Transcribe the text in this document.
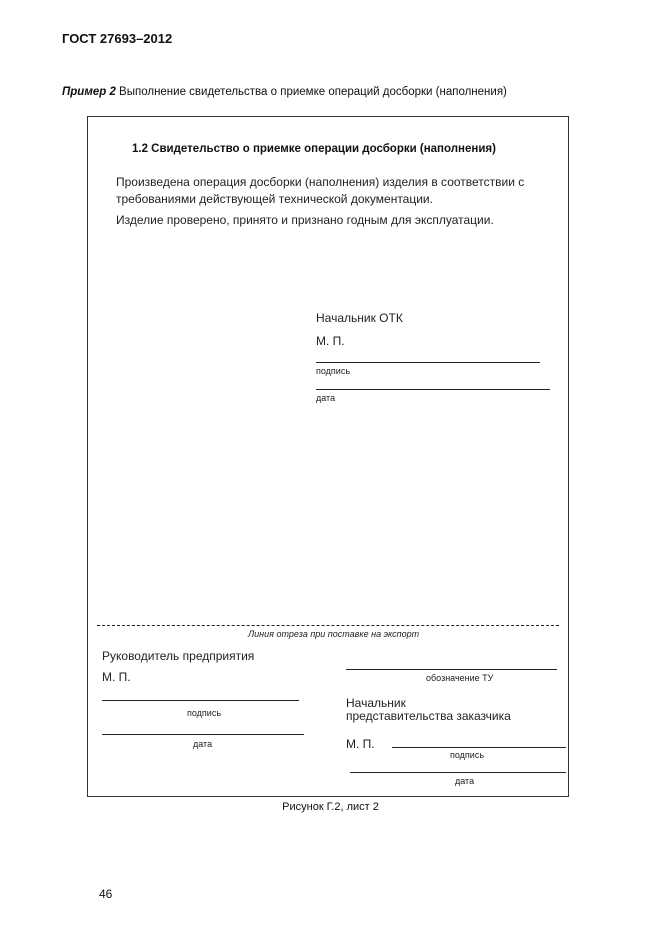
ГОСТ 27693–2012
Пример 2 Выполнение свидетельства о приемке операций досборки (наполнения)
1.2 Свидетельство о приемке операции досборки (наполнения)
Произведена операция досборки (наполнения) изделия в соответствии с
требованиями действующей технической документации.
Изделие проверено, принято и признано годным для эксплуатации.
Начальник ОТК
М. П.
подпись
дата
Линия отреза при поставке на экспорт
Руководитель предприятия
М. П.
подпись
дата
обозначение ТУ
Начальник
представительства заказчика
М. П.
подпись
дата
Рисунок Г.2, лист 2
46
